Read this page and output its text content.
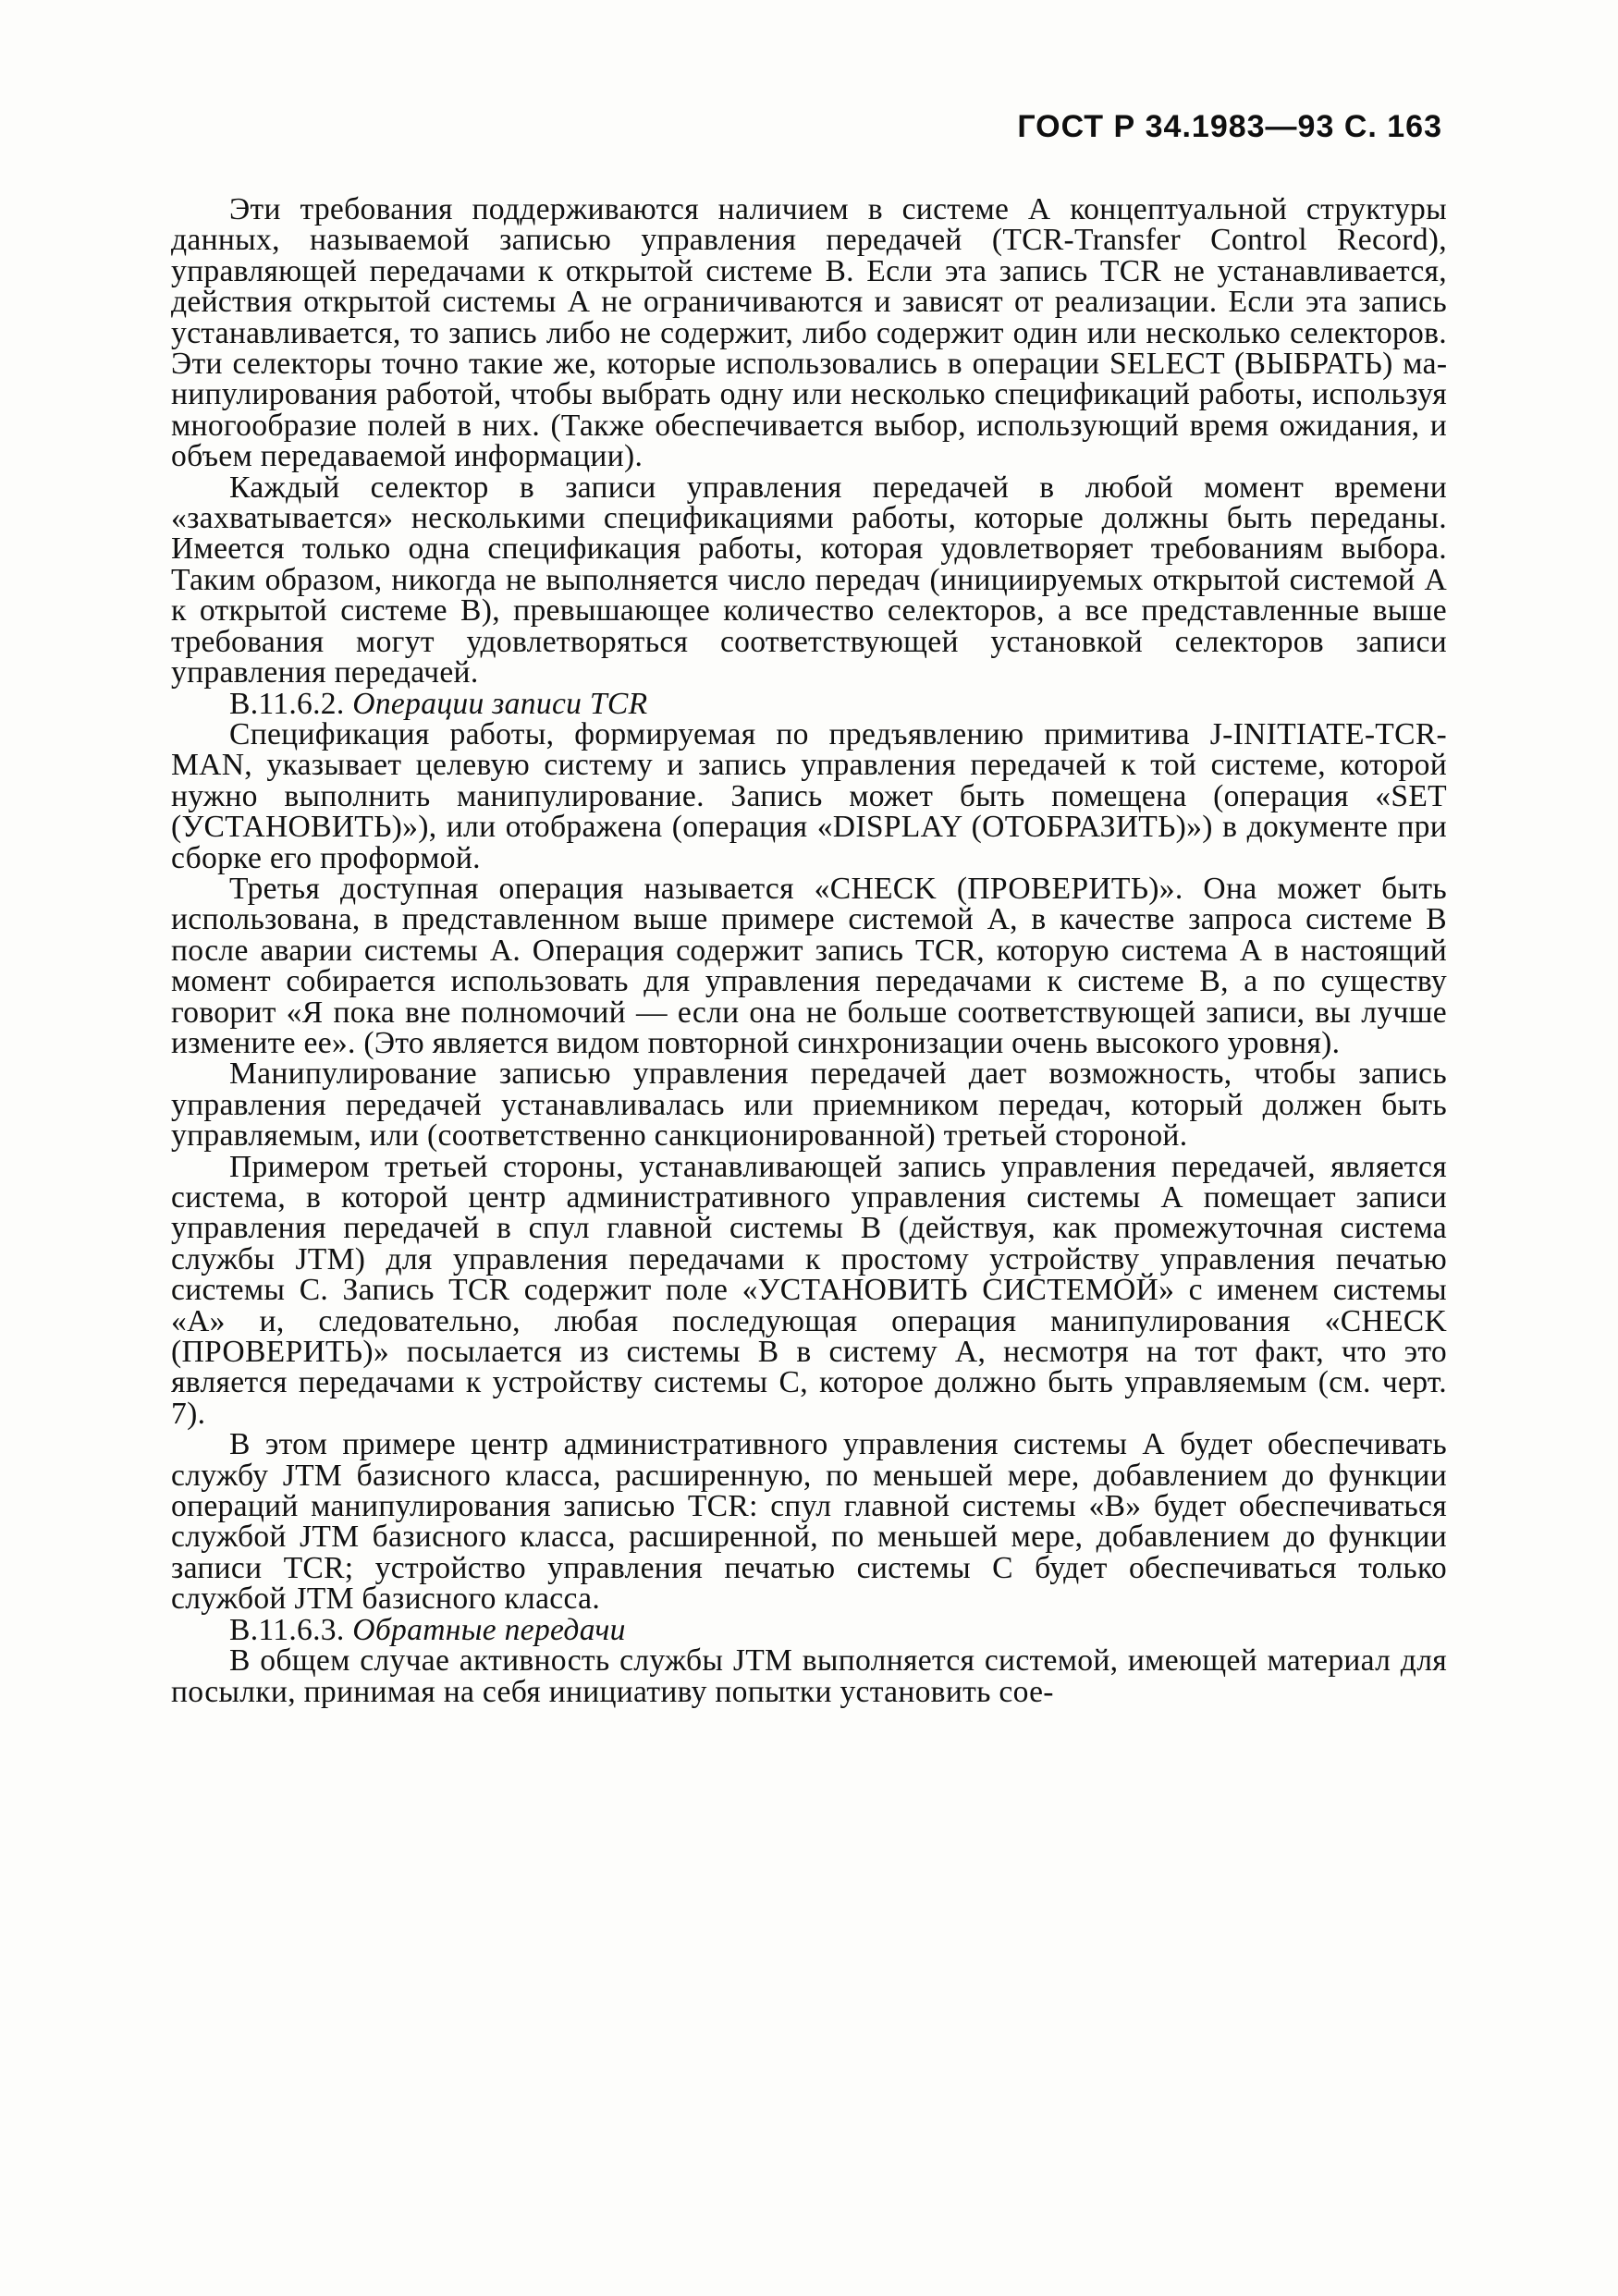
ГОСТ Р 34.1983—93 С. 163

Эти требования поддерживаются наличием в системе А концептуальной структуры данных, называемой записью управления передачей (TCR-Transfer Control Record), управляющей передачами к открытой системе В. Если эта запись TCR не устанавливается, действия открытой системы А не ограничиваются и зависят от реализации. Если эта запись устанавливается, то запись либо не содержит, либо содержит один или несколько селекторов. Эти селекторы точно такие же, которые использовались в операции SELECT (ВЫБРАТЬ) манипулирования работой, чтобы выбрать одну или несколько спецификаций работы, используя многообразие полей в них. (Также обеспечивается выбор, использующий время ожидания, и объем передаваемой информации).

Каждый селектор в записи управления передачей в любой момент времени «захватывается» несколькими спецификациями работы, которые должны быть переданы. Имеется только одна спецификация работы, которая удовлетворяет требованиям выбора. Таким образом, никогда не выполняется число передач (инициируемых открытой системой А к открытой системе В), превышающее количество селекторов, а все представленные выше требования могут удовлетворяться соответствующей установкой селекторов записи управления передачей.

В.11.6.2. Операции записи TCR

Спецификация работы, формируемая по предъявлению примитива J-INITIATE-TCR-MAN, указывает целевую систему и запись управления передачей к той системе, которой нужно выполнить манипулирование. Запись может быть помещена (операция «SET (УСТАНОВИТЬ)»), или отображена (операция «DISPLAY (ОТОБРАЗИТЬ)») в документе при сборке его проформой.

Третья доступная операция называется «CHECK (ПРОВЕРИТЬ)». Она может быть использована, в представленном выше примере системой А, в качестве запроса системе В после аварии системы А. Операция содержит запись TCR, которую система А в настоящий момент собирается использовать для управления передачами к системе В, а по существу говорит «Я пока вне полномочий — если она не больше соответствующей записи, вы лучше измените ее». (Это является видом повторной синхронизации очень высокого уровня).

Манипулирование записью управления передачей дает возможность, чтобы запись управления передачей устанавливалась или приемником передач, который должен быть управляемым, или (соответственно санкционированной) третьей стороной.

Примером третьей стороны, устанавливающей запись управления передачей, является система, в которой центр административного управления системы А помещает записи управления передачей в спул главной системы В (действуя, как промежуточная система службы JTM) для управления передачами к простому устройству управления печатью системы С. Запись TCR содержит поле «УСТАНОВИТЬ СИСТЕМОЙ» с именем системы «А» и, следовательно, любая последующая операция манипулирования «CHECK (ПРОВЕРИТЬ)» посылается из системы В в систему А, несмотря на тот факт, что это является передачами к устройству системы С, которое должно быть управляемым (см. черт. 7).

В этом примере центр административного управления системы А будет обеспечивать службу JTM базисного класса, расширенную, по меньшей мере, добавлением до функции операций манипулирования записью TCR: спул главной системы «В» будет обеспечиваться службой JTM базисного класса, расширенной, по меньшей мере, добавлением до функции записи TCR; устройство управления печатью системы С будет обеспечиваться только службой JTM базисного класса.

В.11.6.3. Обратные передачи

В общем случае активность службы JTM выполняется системой, имеющей материал для посылки, принимая на себя инициативу попытки установить сое-
